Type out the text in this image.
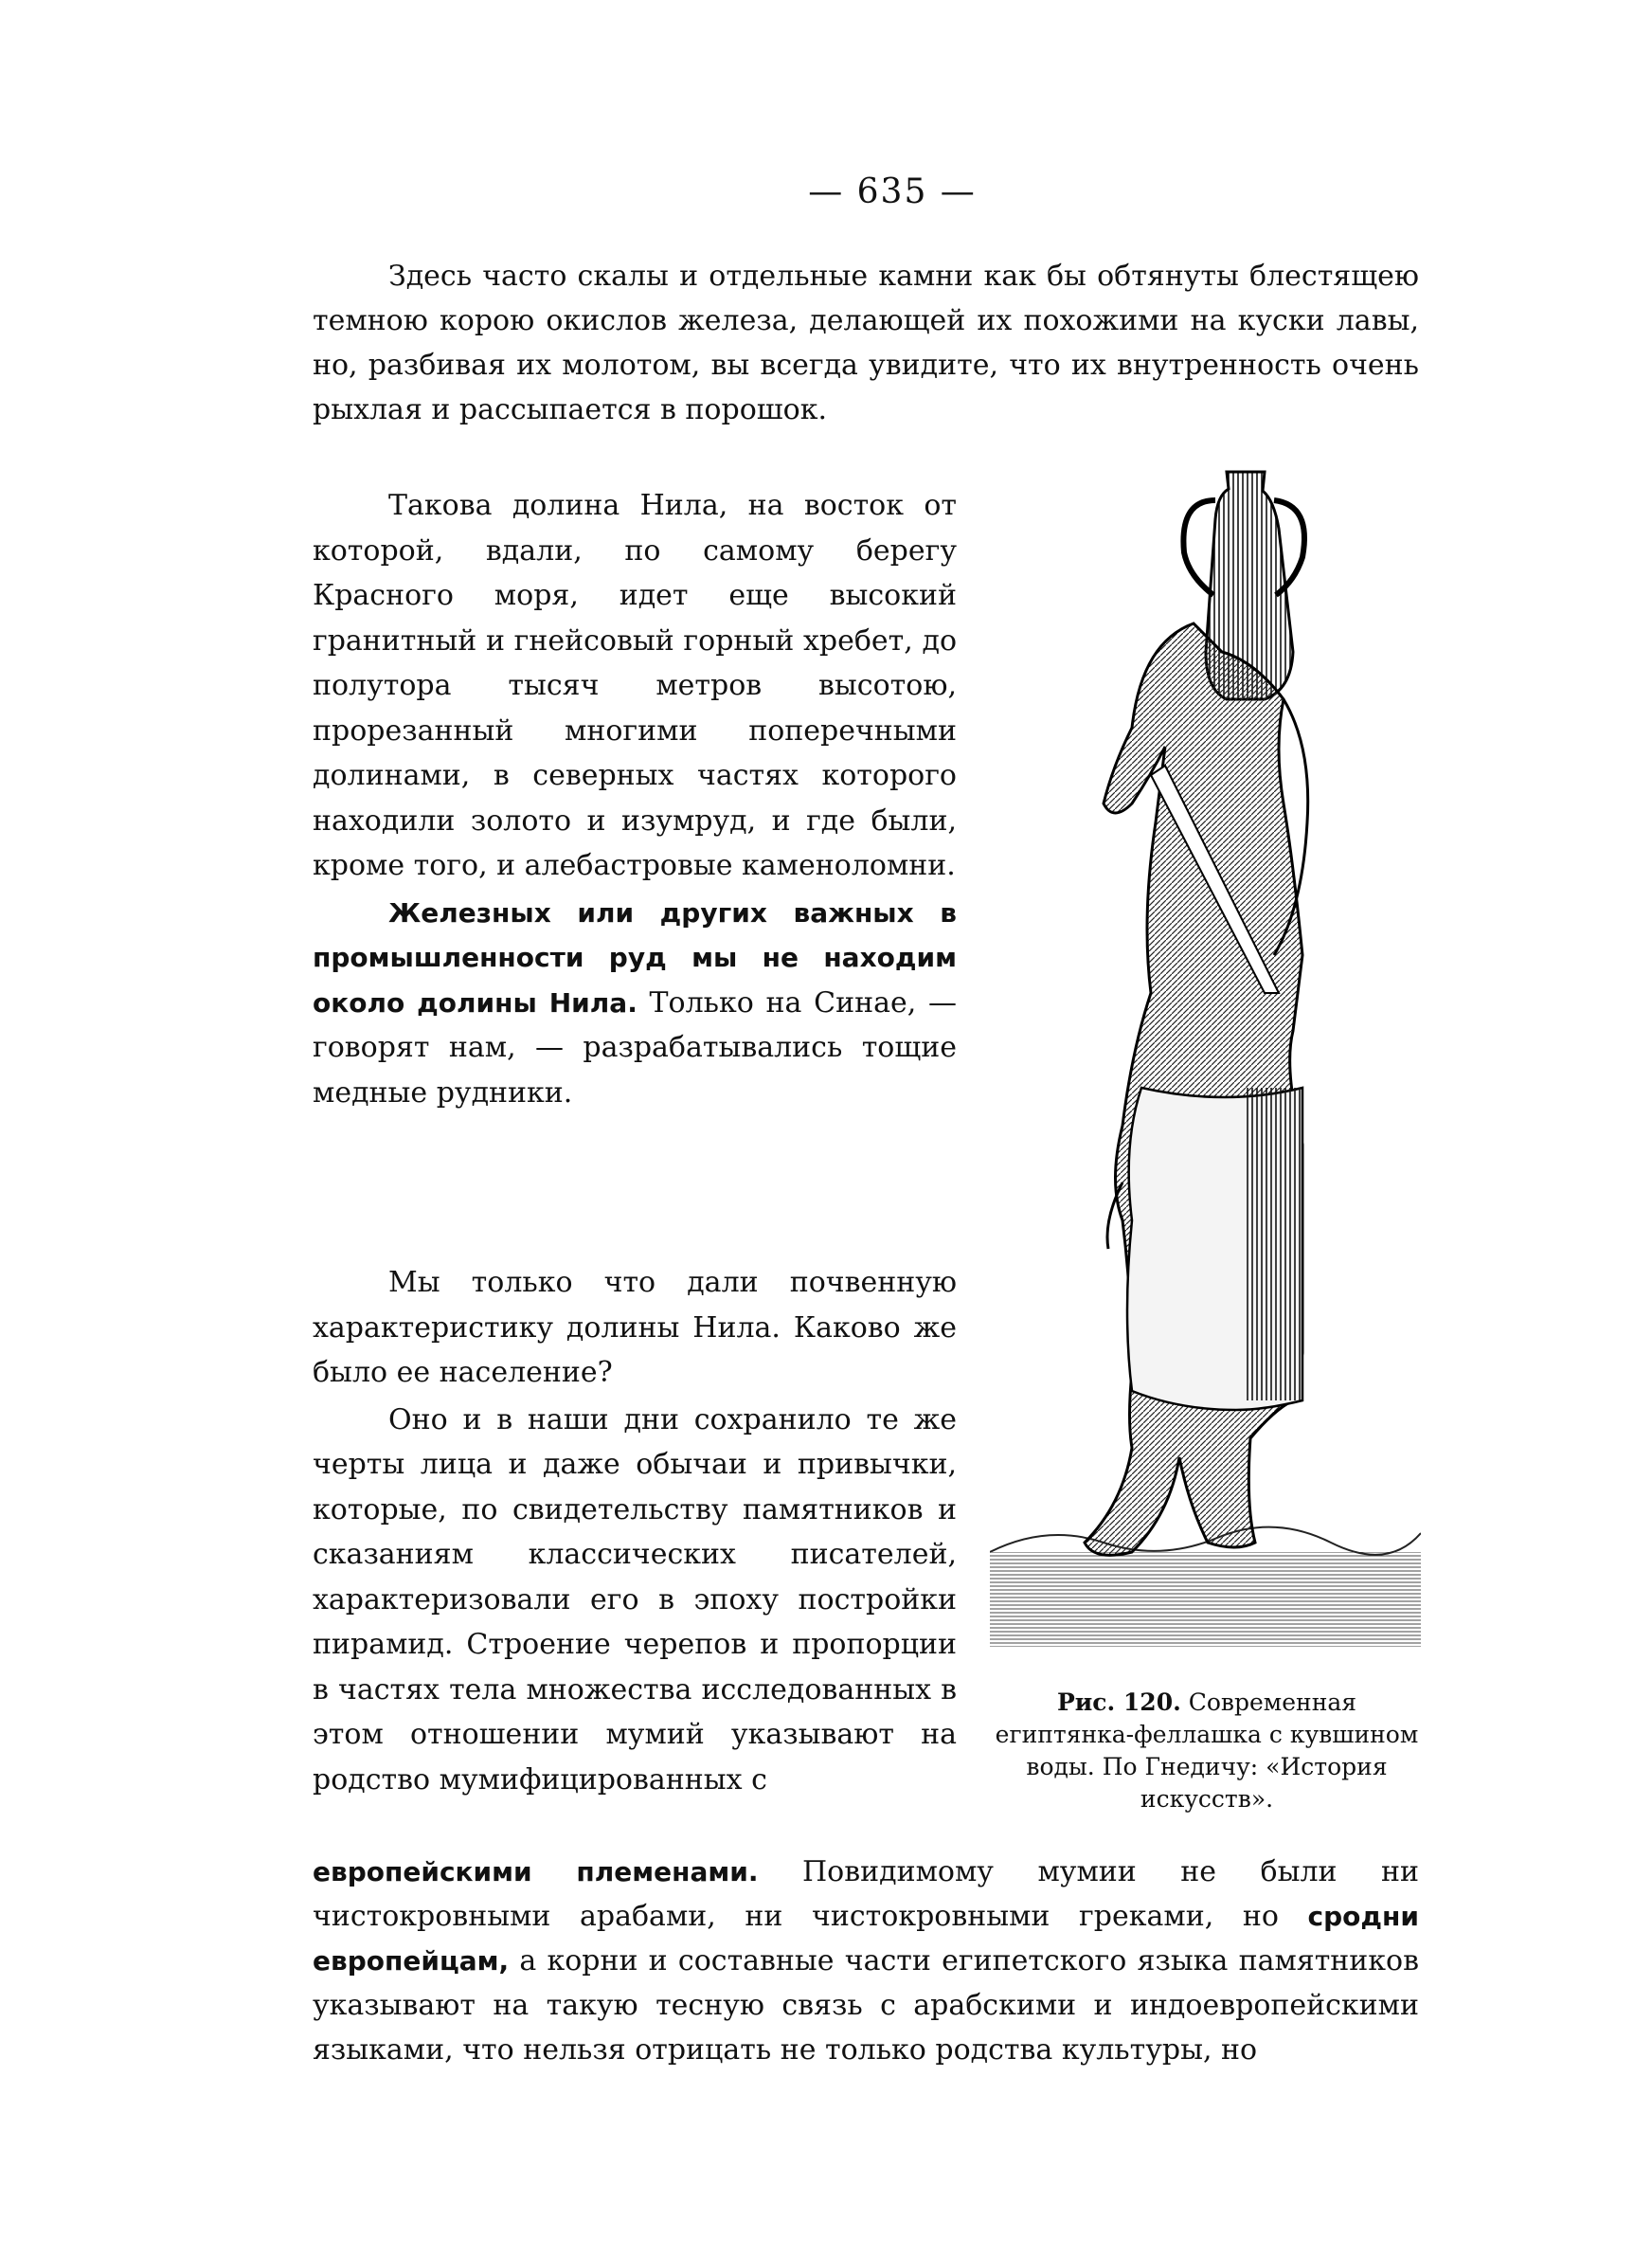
— 635 —

Здесь часто скалы и отдельные камни как бы обтянуты блестящею темною корою окислов железа, делающей их похожими на куски лавы, но, разбивая их молотом, вы всегда увидите, что их внутренность очень рыхлая и рассыпается в порошок.

Такова долина Нила, на восток от которой, вдали, по самому берегу Красного моря, идет еще высокий гранитный и гнейсовый горный хребет, до полутора тысяч метров высотою, прорезанный многими поперечными долинами, в северных частях которого находили золото и изумруд, и где были, кроме того, и алебастровые каменоломни.

Железных или других важных в промышленности руд мы не находим около долины Нила. Только на Синае, — говорят нам, — разрабатывались тощие медные рудники.

Мы только что дали почвенную характеристику долины Нила. Каково же было ее население?

Оно и в наши дни сохранило те же черты лица и даже обычаи и привычки, которые, по свидетельству памятников и сказаниям классических писателей, характеризовали его в эпоху постройки пирамид. Строение черепов и пропорции в частях тела множества исследованных в этом отношении мумий указывают на родство мумифицированных с

европейскими племенами. Повидимому мумии не были ни чистокровными арабами, ни чистокровными греками, но сродни европейцам, а корни и составные части египетского языка памятников указывают на такую тесную связь с арабскими и индоевропейскими языками, что нельзя отрицать не только родства культуры, но

Рис. 120. Современная египтянка-феллашка с кувшином воды. По Гнедичу: «История искусств».
